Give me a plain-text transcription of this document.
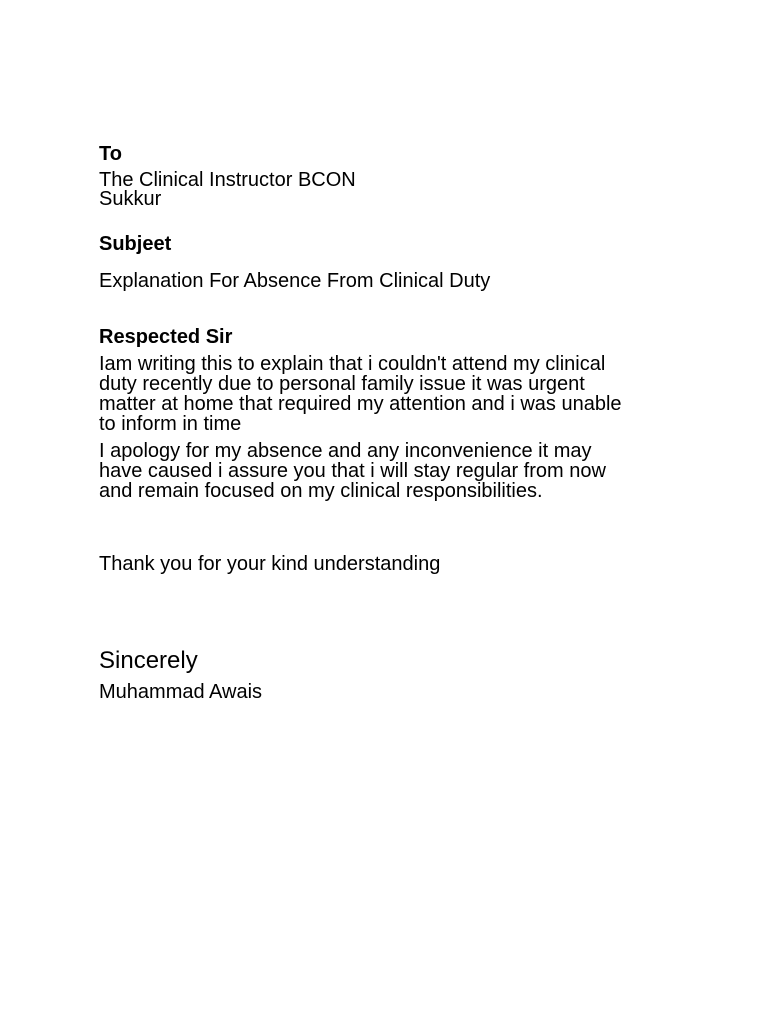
To

The Clinical Instructor BCON

Sukkur

Subjeet

Explanation For Absence From Clinical Duty

Respected Sir

Iam writing this to explain that i couldn't attend my clinical
duty recently due to personal family issue it was urgent
matter at home that required my attention and i was unable
to inform in time
I apology for my absence and any inconvenience it may
have caused i assure you that i will stay regular from now
and remain focused on my clinical responsibilities.

Thank you for your kind understanding

Sincerely

Muhammad Awais
